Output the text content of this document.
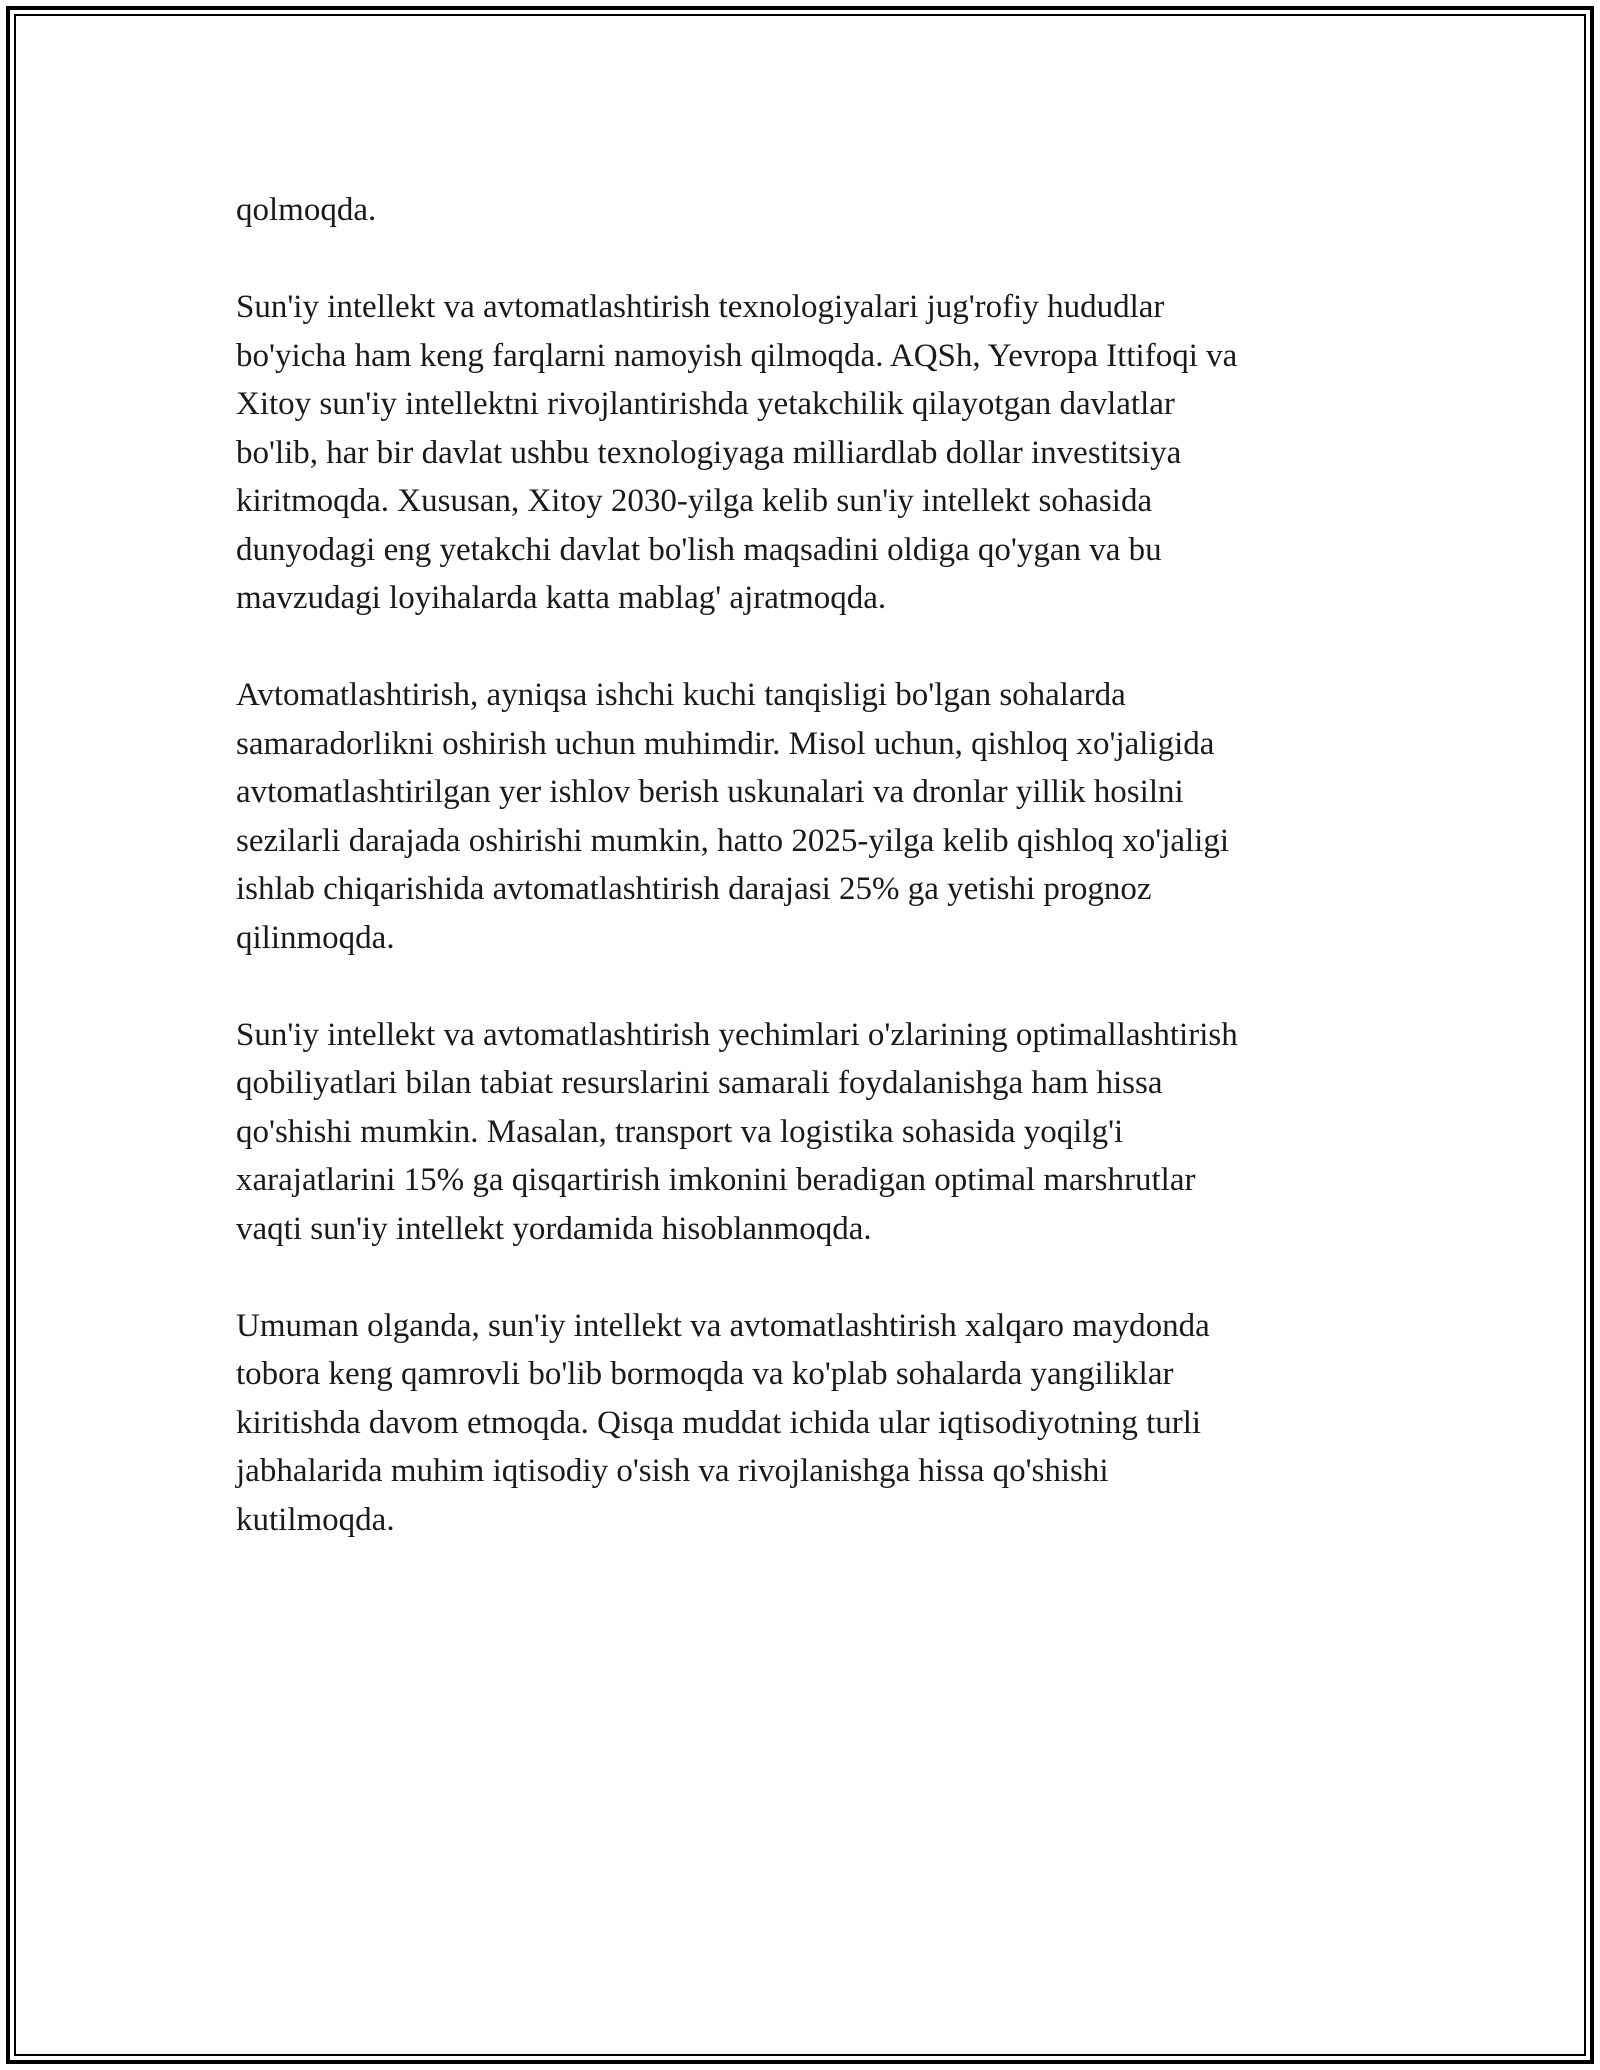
qolmoqda.
Sun'iy intellekt va avtomatlashtirish texnologiyalari jug'rofiy hududlar
bo'yicha ham keng farqlarni namoyish qilmoqda. AQSh, Yevropa Ittifoqi va
Xitoy sun'iy intellektni rivojlantirishda yetakchilik qilayotgan davlatlar
bo'lib, har bir davlat ushbu texnologiyaga milliardlab dollar investitsiya
kiritmoqda. Xususan, Xitoy 2030-yilga kelib sun'iy intellekt sohasida
dunyodagi eng yetakchi davlat bo'lish maqsadini oldiga qo'ygan va bu
mavzudagi loyihalarda katta mablag' ajratmoqda.
Avtomatlashtirish, ayniqsa ishchi kuchi tanqisligi bo'lgan sohalarda
samaradorlikni oshirish uchun muhimdir. Misol uchun, qishloq xo'jaligida
avtomatlashtirilgan yer ishlov berish uskunalari va dronlar yillik hosilni
sezilarli darajada oshirishi mumkin, hatto 2025-yilga kelib qishloq xo'jaligi
ishlab chiqarishida avtomatlashtirish darajasi 25% ga yetishi prognoz
qilinmoqda.
Sun'iy intellekt va avtomatlashtirish yechimlari o'zlarining optimallashtirish
qobiliyatlari bilan tabiat resurslarini samarali foydalanishga ham hissa
qo'shishi mumkin. Masalan, transport va logistika sohasida yoqilg'i
xarajatlarini 15% ga qisqartirish imkonini beradigan optimal marshrutlar
vaqti sun'iy intellekt yordamida hisoblanmoqda.
Umuman olganda, sun'iy intellekt va avtomatlashtirish xalqaro maydonda
tobora keng qamrovli bo'lib bormoqda va ko'plab sohalarda yangiliklar
kiritishda davom etmoqda. Qisqa muddat ichida ular iqtisodiyotning turli
jabhalarida muhim iqtisodiy o'sish va rivojlanishga hissa qo'shishi
kutilmoqda.
